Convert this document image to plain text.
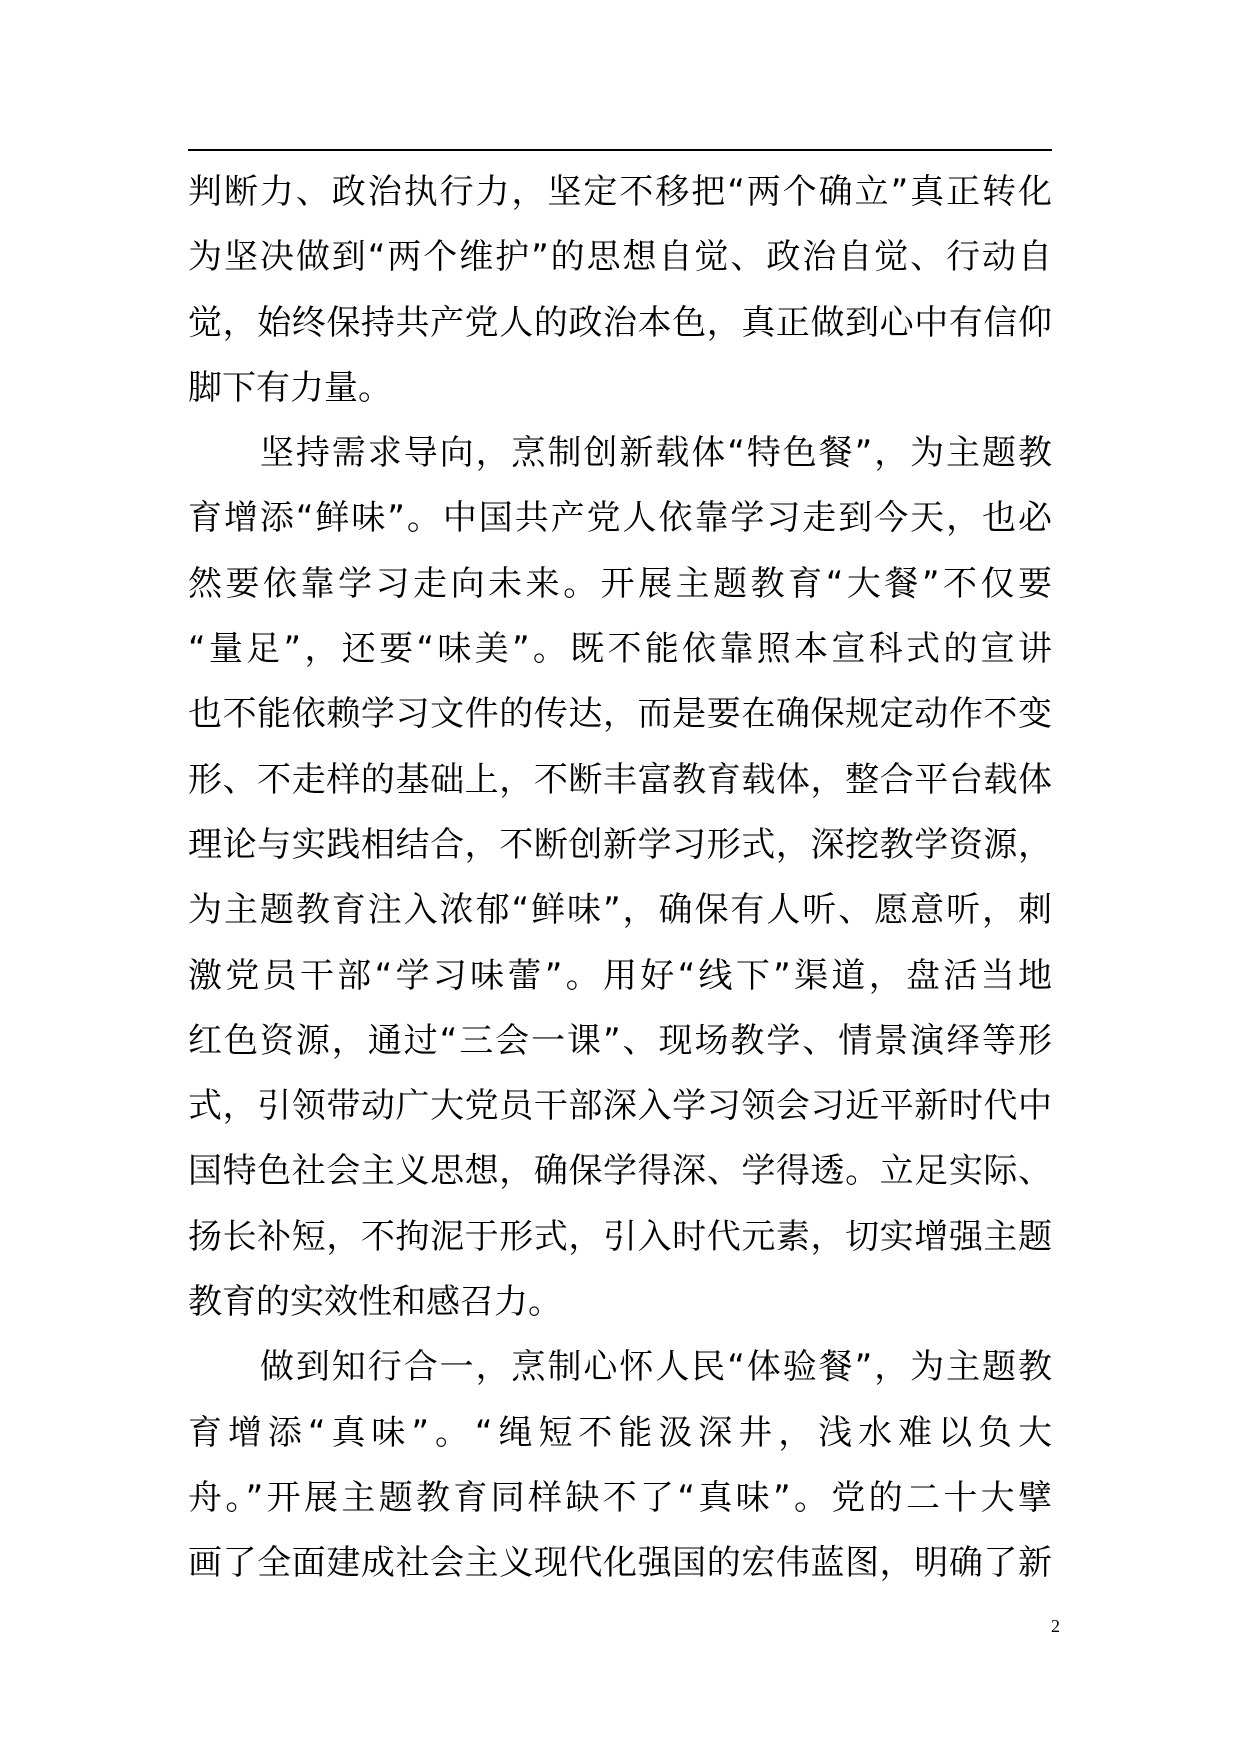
判断力、政治执行力，坚定不移把“两个确立”真正转化
为坚决做到“两个维护”的思想自觉、政治自觉、行动自
觉，始终保持共产党人的政治本色，真正做到心中有信仰
脚下有力量。
　　坚持需求导向，烹制创新载体“特色餐”，为主题教
育增添“鲜味”。中国共产党人依靠学习走到今天，也必
然要依靠学习走向未来。开展主题教育“大餐”不仅要
“量足”，还要“味美”。既不能依靠照本宣科式的宣讲
也不能依赖学习文件的传达，而是要在确保规定动作不变
形、不走样的基础上，不断丰富教育载体，整合平台载体
理论与实践相结合，不断创新学习形式，深挖教学资源，
为主题教育注入浓郁“鲜味”，确保有人听、愿意听，刺
激党员干部“学习味蕾”。用好“线下”渠道，盘活当地
红色资源，通过“三会一课”、现场教学、情景演绎等形
式，引领带动广大党员干部深入学习领会习近平新时代中
国特色社会主义思想，确保学得深、学得透。立足实际、
扬长补短，不拘泥于形式，引入时代元素，切实增强主题
教育的实效性和感召力。
　　做到知行合一，烹制心怀人民“体验餐”，为主题教
育增添“真味”。“绳短不能汲深井，浅水难以负大
舟。”开展主题教育同样缺不了“真味”。党的二十大擘
画了全面建成社会主义现代化强国的宏伟蓝图，明确了新
2
